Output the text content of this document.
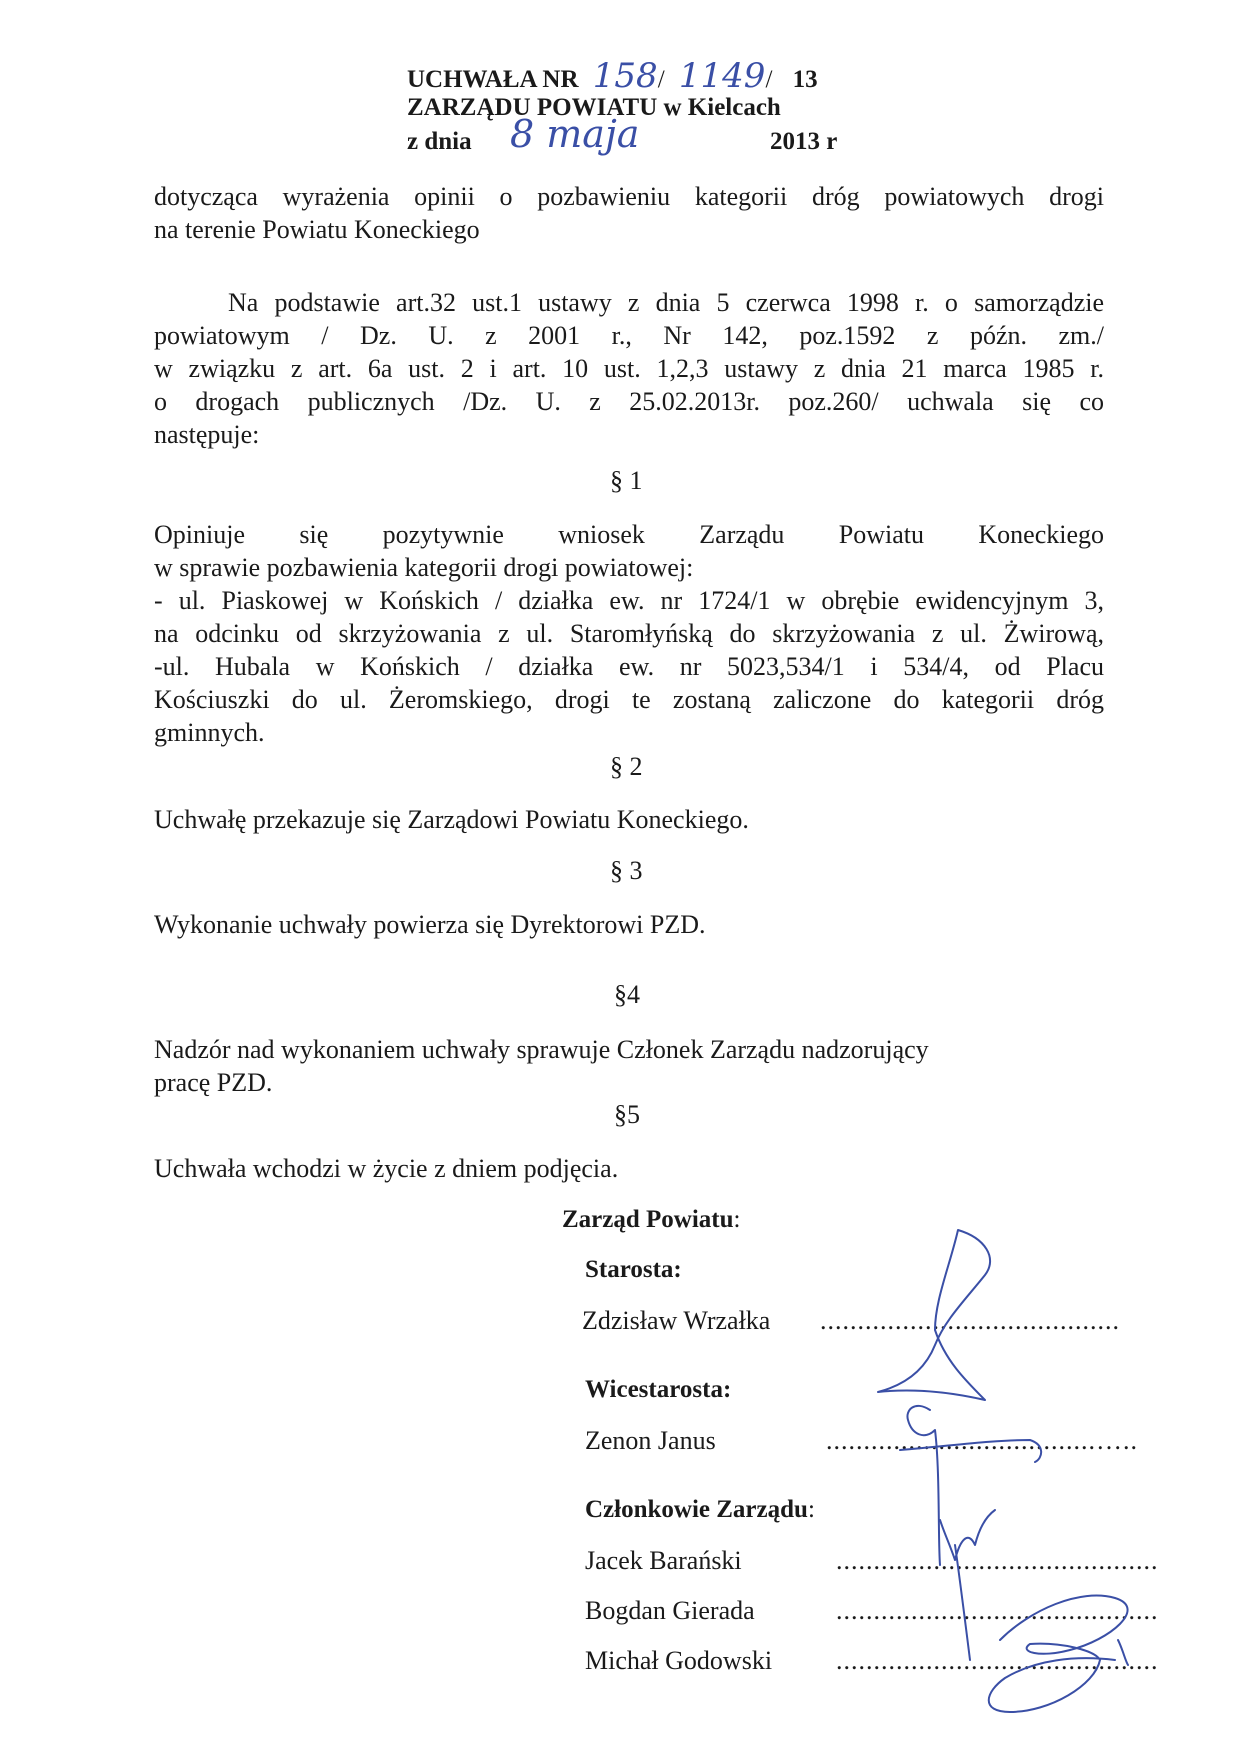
UCHWAŁA NR 158/ 1149/ 13
ZARZĄDU POWIATU w Kielcach
z dnia 8 maja	2013 r
dotycząca wyrażenia opinii o pozbawieniu kategorii dróg powiatowych drogi
na terenie Powiatu Koneckiego
Na podstawie art.32 ust.1 ustawy z dnia 5 czerwca 1998 r. o samorządzie
powiatowym / Dz. U. z 2001 r., Nr 142, poz.1592 z późn. zm./
w związku z art. 6a ust. 2 i art. 10 ust. 1,2,3 ustawy z dnia 21 marca 1985 r.
o drogach publicznych /Dz. U. z 25.02.2013r. poz.260/ uchwala się co
następuje:
§ 1
Opiniuje się pozytywnie wniosek Zarządu Powiatu Koneckiego
w sprawie pozbawienia kategorii drogi powiatowej:
- ul. Piaskowej w Końskich / działka ew. nr 1724/1 w obrębie ewidencyjnym 3,
na odcinku od skrzyżowania z ul. Staromłyńską do skrzyżowania z ul. Żwirową,
-ul. Hubala w Końskich / działka ew. nr 5023,534/1 i 534/4, od Placu
Kościuszki do ul. Żeromskiego, drogi te zostaną zaliczone do kategorii dróg
gminnych.
§ 2
Uchwałę przekazuje się Zarządowi Powiatu Koneckiego.
§ 3
Wykonanie uchwały powierza się Dyrektorowi PZD.
§4
Nadzór nad wykonaniem uchwały sprawuje Członek Zarządu nadzorujący
pracę PZD.
§5
Uchwała wchodzi w życie z dniem podjęcia.
Zarząd Powiatu:
Starosta:
Zdzisław Wrzałka ........................................
Wicestarosta:
Zenon Janus	....................................…..
Członkowie Zarządu:
Jacek Barański	...........................................
Bogdan Gierada	...........................................
Michał Godowski ...........................................
